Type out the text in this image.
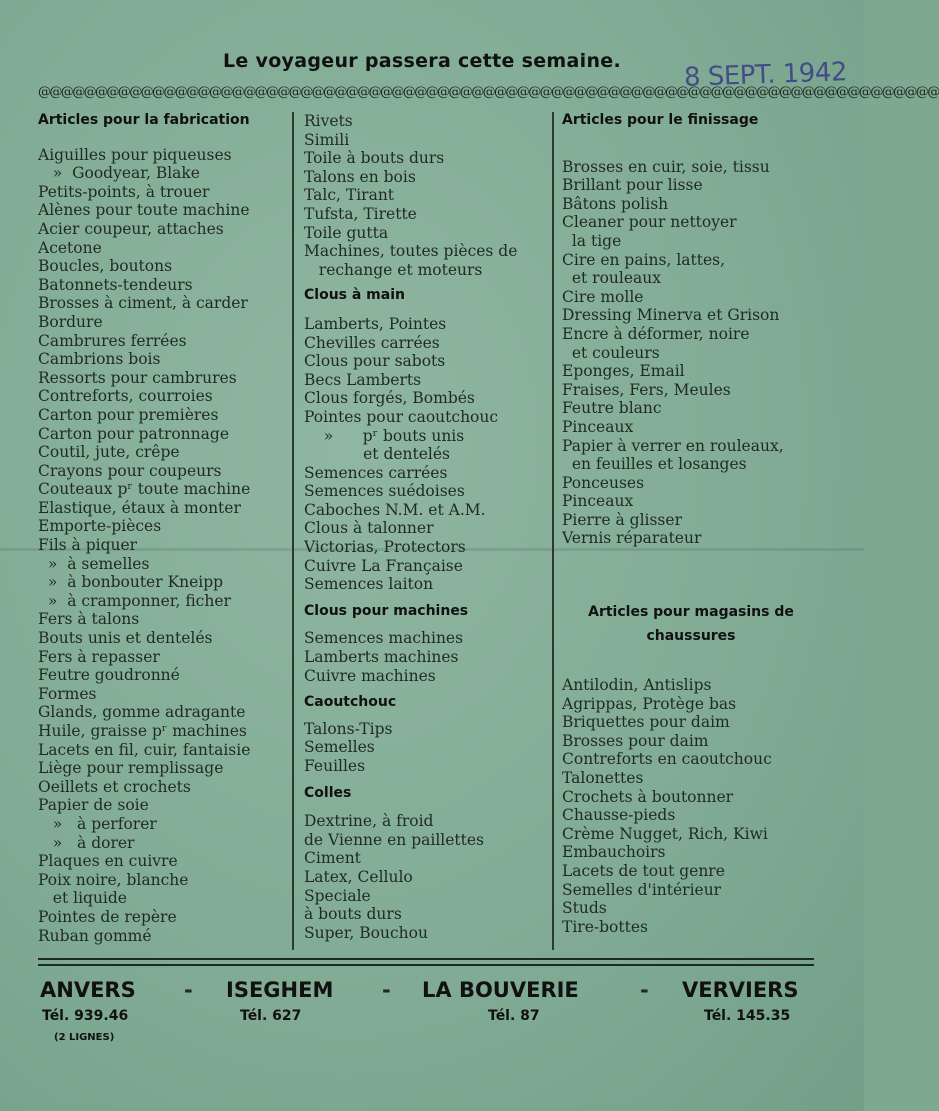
Le voyageur passera cette semaine.	8 SEPT. 1942
@@@@@@@@@@@@@@@@@@@@@@@@@@@@@@@@@@@@@@@@@@@@@@@@@@@@@@@@@@@@@@@@@@@@@@@@@@@@@@@
Articles pour la fabrication
Aiguilles pour piqueuses
»  Goodyear, Blake
Petits-points, à trouer
Alènes pour toute machine
Acier coupeur, attaches
Acetone
Boucles, boutons
Batonnets-tendeurs
Brosses à ciment, à carder
Bordure
Cambrures ferrées
Cambrions bois
Ressorts pour cambrures
Contreforts, courroies
Carton pour premières
Carton pour patronnage
Coutil, jute, crêpe
Crayons pour coupeurs
Couteaux pʳ toute machine
Elastique, étaux à monter
Emporte-pièces
Fils à piquer
»  à semelles
»  à bonbouter Kneipp
»  à cramponner, ficher
Fers à talons
Bouts unis et dentelés
Fers à repasser
Feutre goudronné
Formes
Glands, gomme adragante
Huile, graisse pʳ machines
Lacets en fil, cuir, fantaisie
Liège pour remplissage
Oeillets et crochets
Papier de soie
»   à perforer
»   à dorer
Plaques en cuivre
Poix noire, blanche
et liquide
Pointes de repère
Ruban gommé
Rivets
Simili
Toile à bouts durs
Talons en bois
Talc, Tirant
Tufsta, Tirette
Toile gutta
Machines, toutes pièces de
rechange et moteurs
Clous à main
Lamberts, Pointes
Chevilles carrées
Clous pour sabots
Becs Lamberts
Clous forgés, Bombés
Pointes pour caoutchouc
»      pʳ bouts unis
et dentelés
Semences carrées
Semences suédoises
Caboches N.M. et A.M.
Clous à talonner
Victorias, Protectors
Cuivre La Française
Semences laiton
Clous pour machines
Semences machines
Lamberts machines
Cuivre machines
Caoutchouc
Talons-Tips
Semelles
Feuilles
Colles
Dextrine, à froid
de Vienne en paillettes
Ciment
Latex, Cellulo
Speciale
à bouts durs
Super, Bouchou
Articles pour le finissage
Brosses en cuir, soie, tissu
Brillant pour lisse
Bâtons polish
Cleaner pour nettoyer
la tige
Cire en pains, lattes,
et rouleaux
Cire molle
Dressing Minerva et Grison
Encre à déformer, noire
et couleurs
Eponges, Email
Fraises, Fers, Meules
Feutre blanc
Pinceaux
Papier à verrer en rouleaux,
en feuilles et losanges
Ponceuses
Pinceaux
Pierre à glisser
Vernis réparateur
Articles pour magasins de
chaussures
Antilodin, Antislips
Agrippas, Protège bas
Briquettes pour daim
Brosses pour daim
Contreforts en caoutchouc
Talonettes
Crochets à boutonner
Chausse-pieds
Crème Nugget, Rich, Kiwi
Embauchoirs
Lacets de tout genre
Semelles d'intérieur
Studs
Tire-bottes
ANVERS - ISEGHEM - LA BOUVERIE	- VERVIERS
Tél. 939.46	Tél. 627	Tél. 87	Tél. 145.35
(2 LIGNES)
